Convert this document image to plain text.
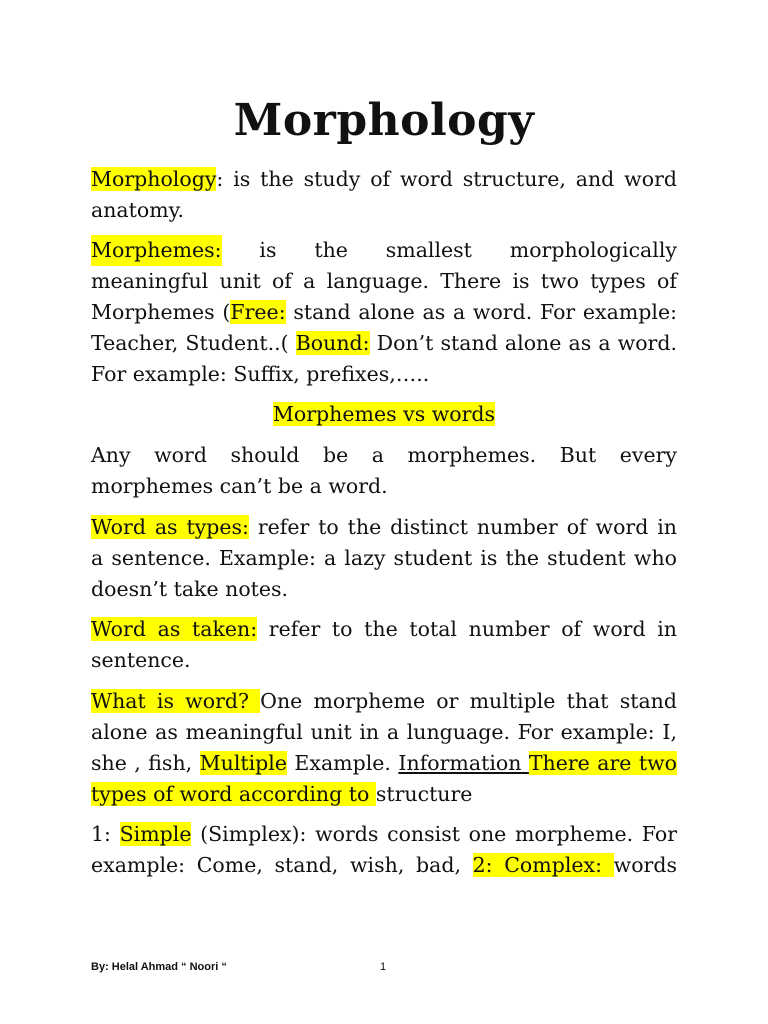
Morphology
Morphology: is the study of word structure, and word
anatomy.
Morphemes: is the smallest morphologically
meaningful unit of a language. There is two types of
Morphemes (Free: stand alone as a word. For example:
Teacher, Student..( Bound: Don’t stand alone as a word.
For example: Suffix, prefixes,…..
Morphemes vs words
Any word should be a morphemes. But every
morphemes can’t be a word.
Word as types: refer to the distinct number of word in
a sentence. Example: a lazy student is the student who
doesn’t take notes.
Word as taken: refer to the total number of word in
sentence.
What is word? One morpheme or multiple that stand
alone as meaningful unit in a lunguage. For example: I,
she , fish, Multiple Example. Information There are two
types of word according to structure
1: Simple (Simplex): words consist one morpheme. For
example: Come, stand, wish, bad, 2: Complex: words
By: Helal Ahmad “ Noori “	1
